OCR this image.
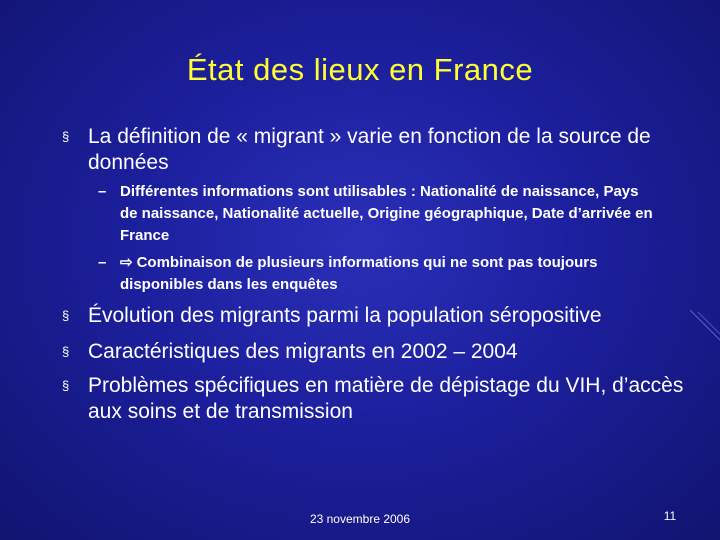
État des lieux en France
§ La définition de « migrant » varie en fonction de la source de données
– Différentes informations sont utilisables : Nationalité de naissance, Pays de naissance, Nationalité actuelle, Origine géographique, Date d’arrivée en France
– ⇨ Combinaison de plusieurs informations qui ne sont pas toujours disponibles dans les enquêtes
§ Évolution des migrants parmi la population séropositive
§ Caractéristiques des migrants en 2002 – 2004
§ Problèmes spécifiques en matière de dépistage du VIH, d’accès aux soins et de transmission
23 novembre 2006	11
